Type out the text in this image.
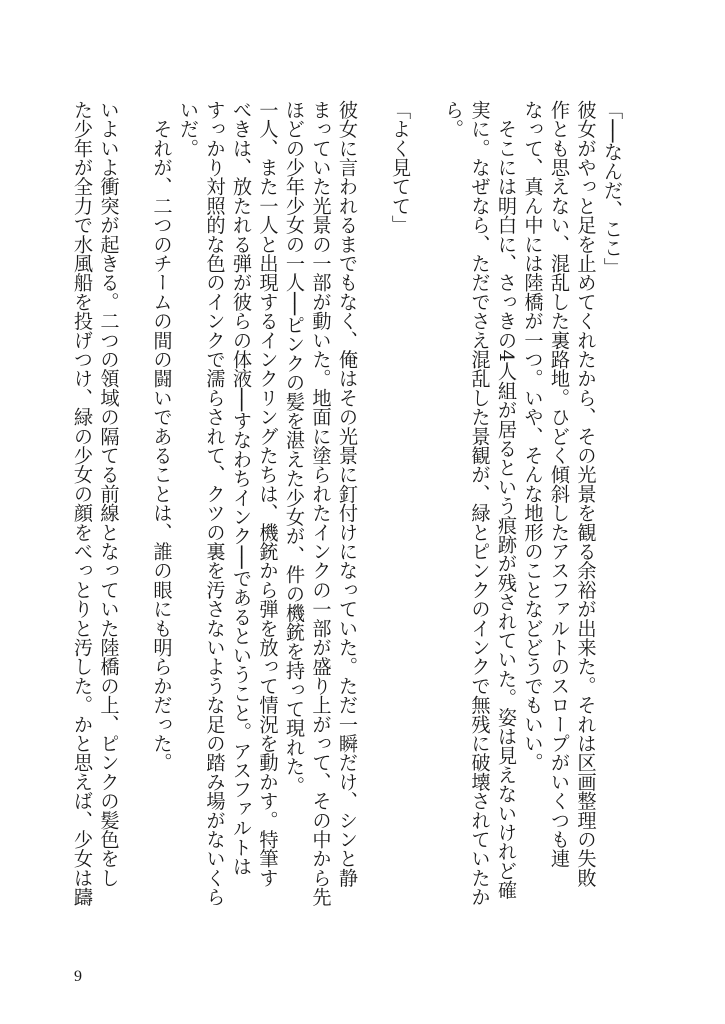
「──なんだ、ここ」

彼女がやっと足を止めてくれたから、その光景を観る余裕が出来た。それは区画整理の失敗

作とも思えない、混乱した裏路地。ひどく傾斜したアスファルトのスロープがいくつも連

なって、真ん中には陸橋が一つ。いや、そんな地形のことなどどうでもいい。

　そこには明白に、さっきの4人組が居るという痕跡が残されていた。姿は見えないけれど確

実に。なぜなら、ただでさえ混乱した景観が、緑とピンクのインクで無残に破壊されていたか

ら。

「よく見てて」

彼女に言われるまでもなく、俺はその光景に釘付けになっていた。ただ一瞬だけ、シンと静

まっていた光景の一部が動いた。地面に塗られたインクの一部が盛り上がって、その中から先

ほどの少年少女の一人──ピンクの髪を湛えた少女が、件の機銃を持って現れた。

一人、また一人と出現するインクリングたちは、機銃から弾を放って情況を動かす。特筆す

べきは、放たれる弾が彼らの体液──すなわちインク──であるということ。アスファルトは

すっかり対照的な色のインクで濡らされて、クツの裏を汚さないような足の踏み場がないくら

いだ。

　それが、二つのチームの間の闘いであることは、誰の眼にも明らかだった。

いよいよ衝突が起きる。二つの領域の隔てる前線となっていた陸橋の上、ピンクの髪色をし

た少年が全力で水風船を投げつけ、緑の少女の顔をべっとりと汚した。かと思えば、少女は躊

9
